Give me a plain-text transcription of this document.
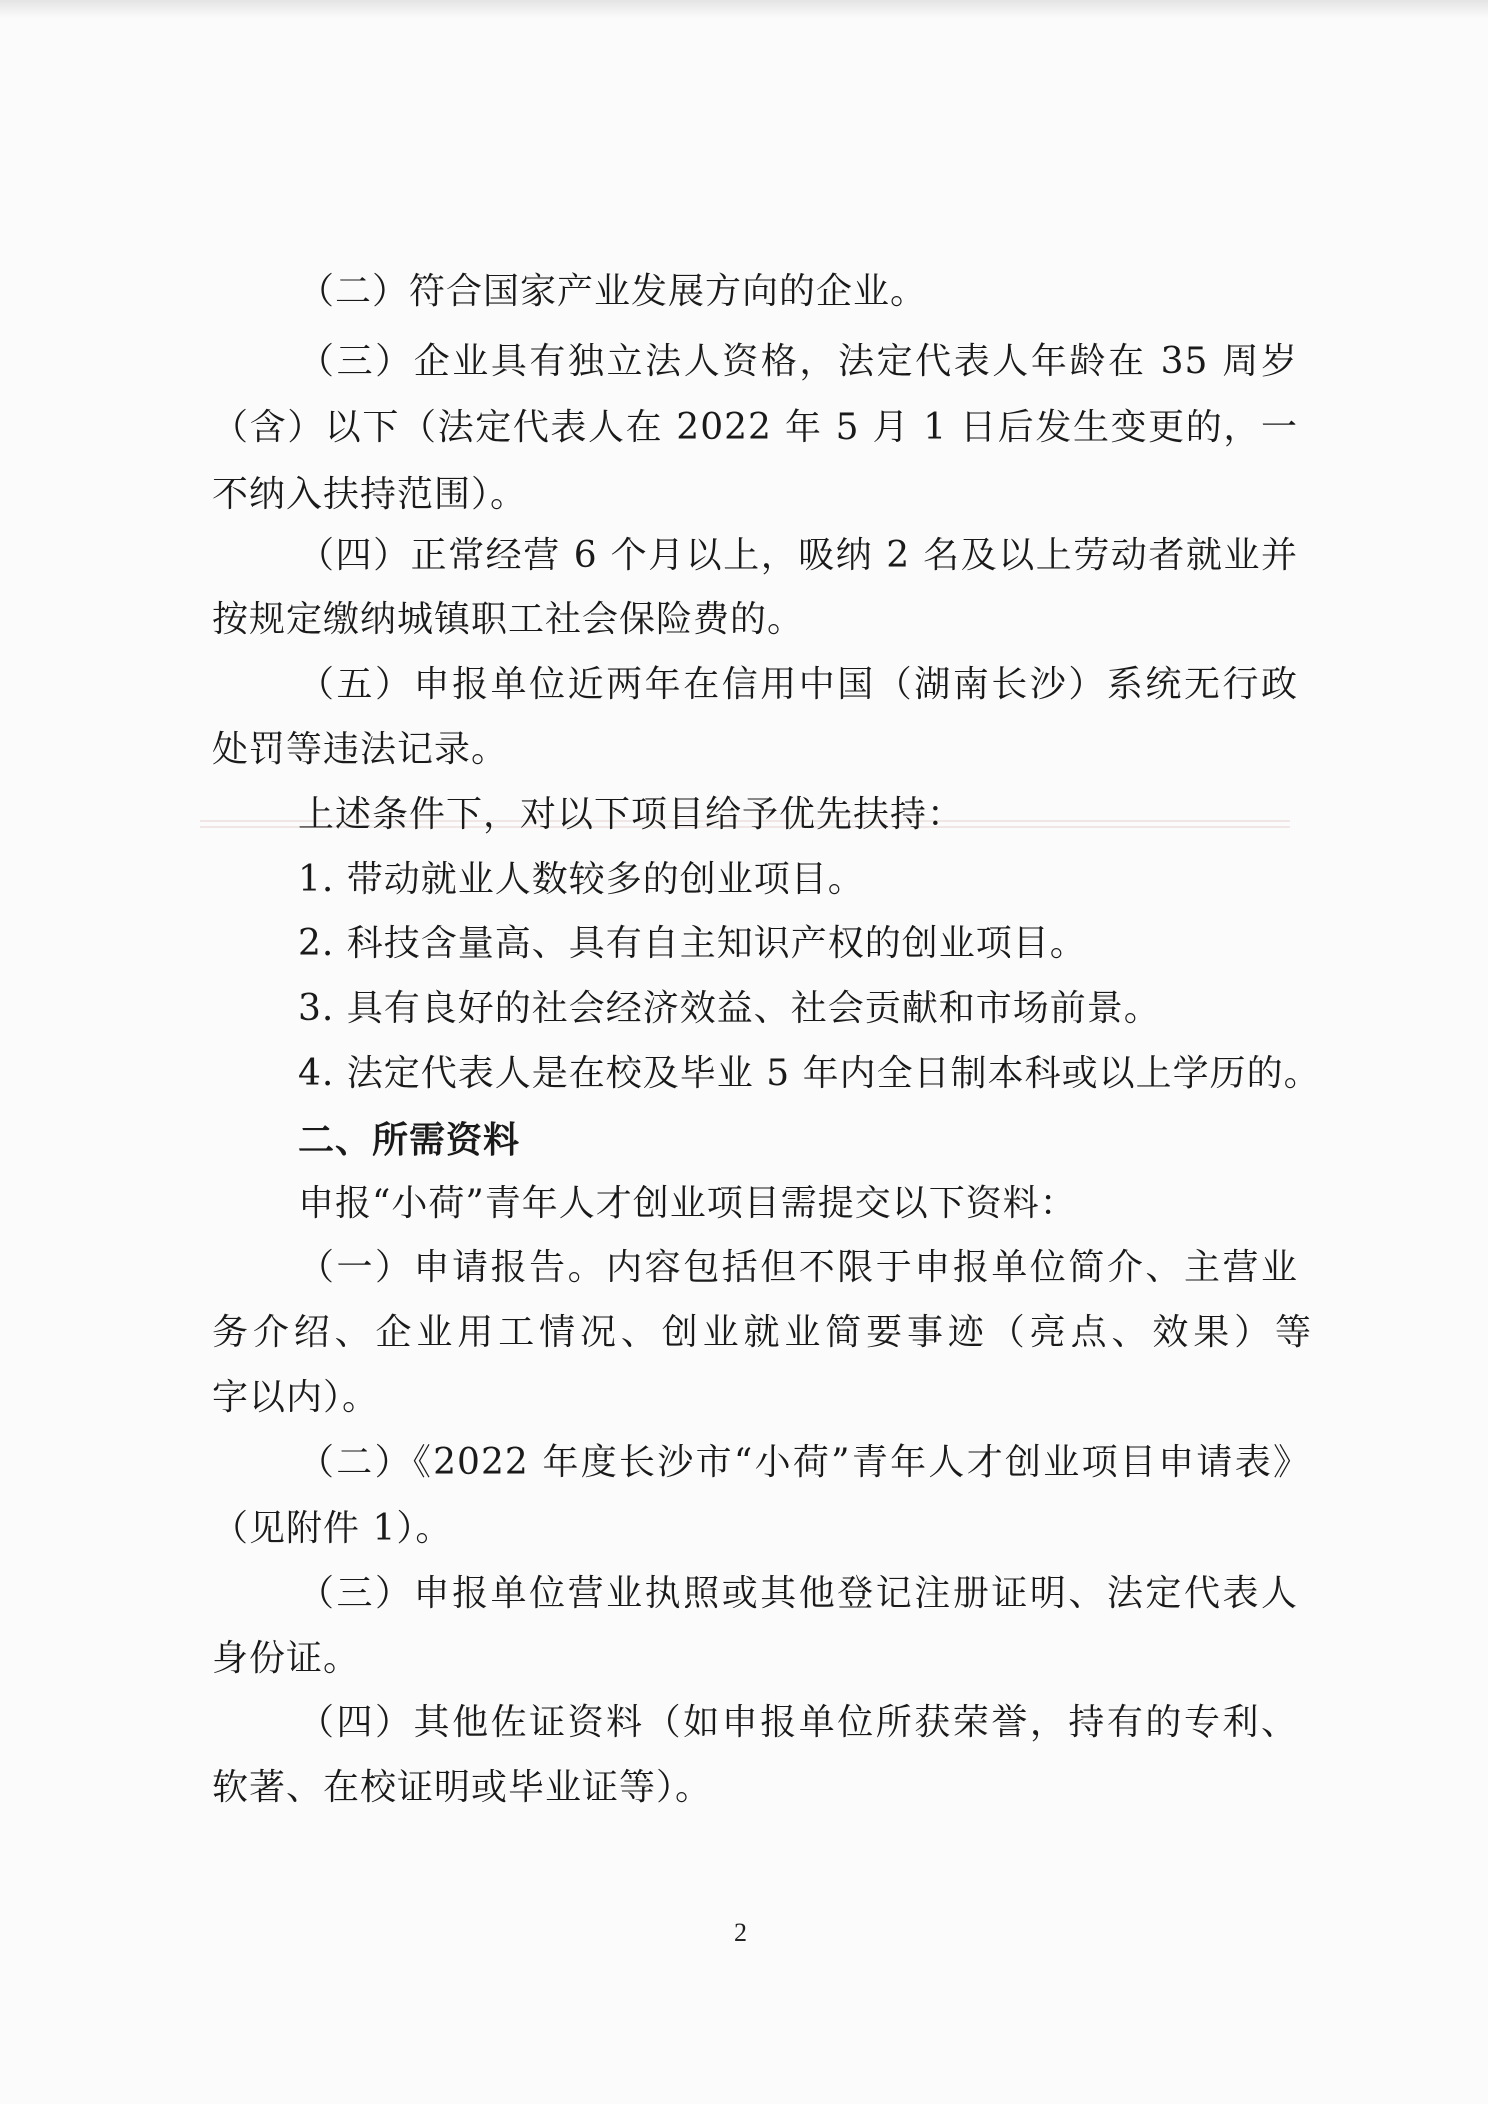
（二）符合国家产业发展方向的企业。
（三）企业具有独立法人资格，法定代表人年龄在 35 周岁
（含）以下（法定代表人在 2022 年 5 月 1 日后发生变更的，一
不纳入扶持范围）。
（四）正常经营 6 个月以上，吸纳 2 名及以上劳动者就业并
按规定缴纳城镇职工社会保险费的。
（五）申报单位近两年在信用中国（湖南长沙）系统无行政
处罚等违法记录。
上述条件下，对以下项目给予优先扶持：
1. 带动就业人数较多的创业项目。
2. 科技含量高、具有自主知识产权的创业项目。
3. 具有良好的社会经济效益、社会贡献和市场前景。
4. 法定代表人是在校及毕业 5 年内全日制本科或以上学历的。
二、所需资料
申报“小荷”青年人才创业项目需提交以下资料：
（一）申请报告。内容包括但不限于申报单位简介、主营业
务介绍、企业用工情况、创业就业简要事迹（亮点、效果）等
字以内）。
（二）《2022 年度长沙市“小荷”青年人才创业项目申请表》
（见附件 1）。
（三）申报单位营业执照或其他登记注册证明、法定代表人
身份证。
（四）其他佐证资料（如申报单位所获荣誉，持有的专利、
软著、在校证明或毕业证等）。
2
